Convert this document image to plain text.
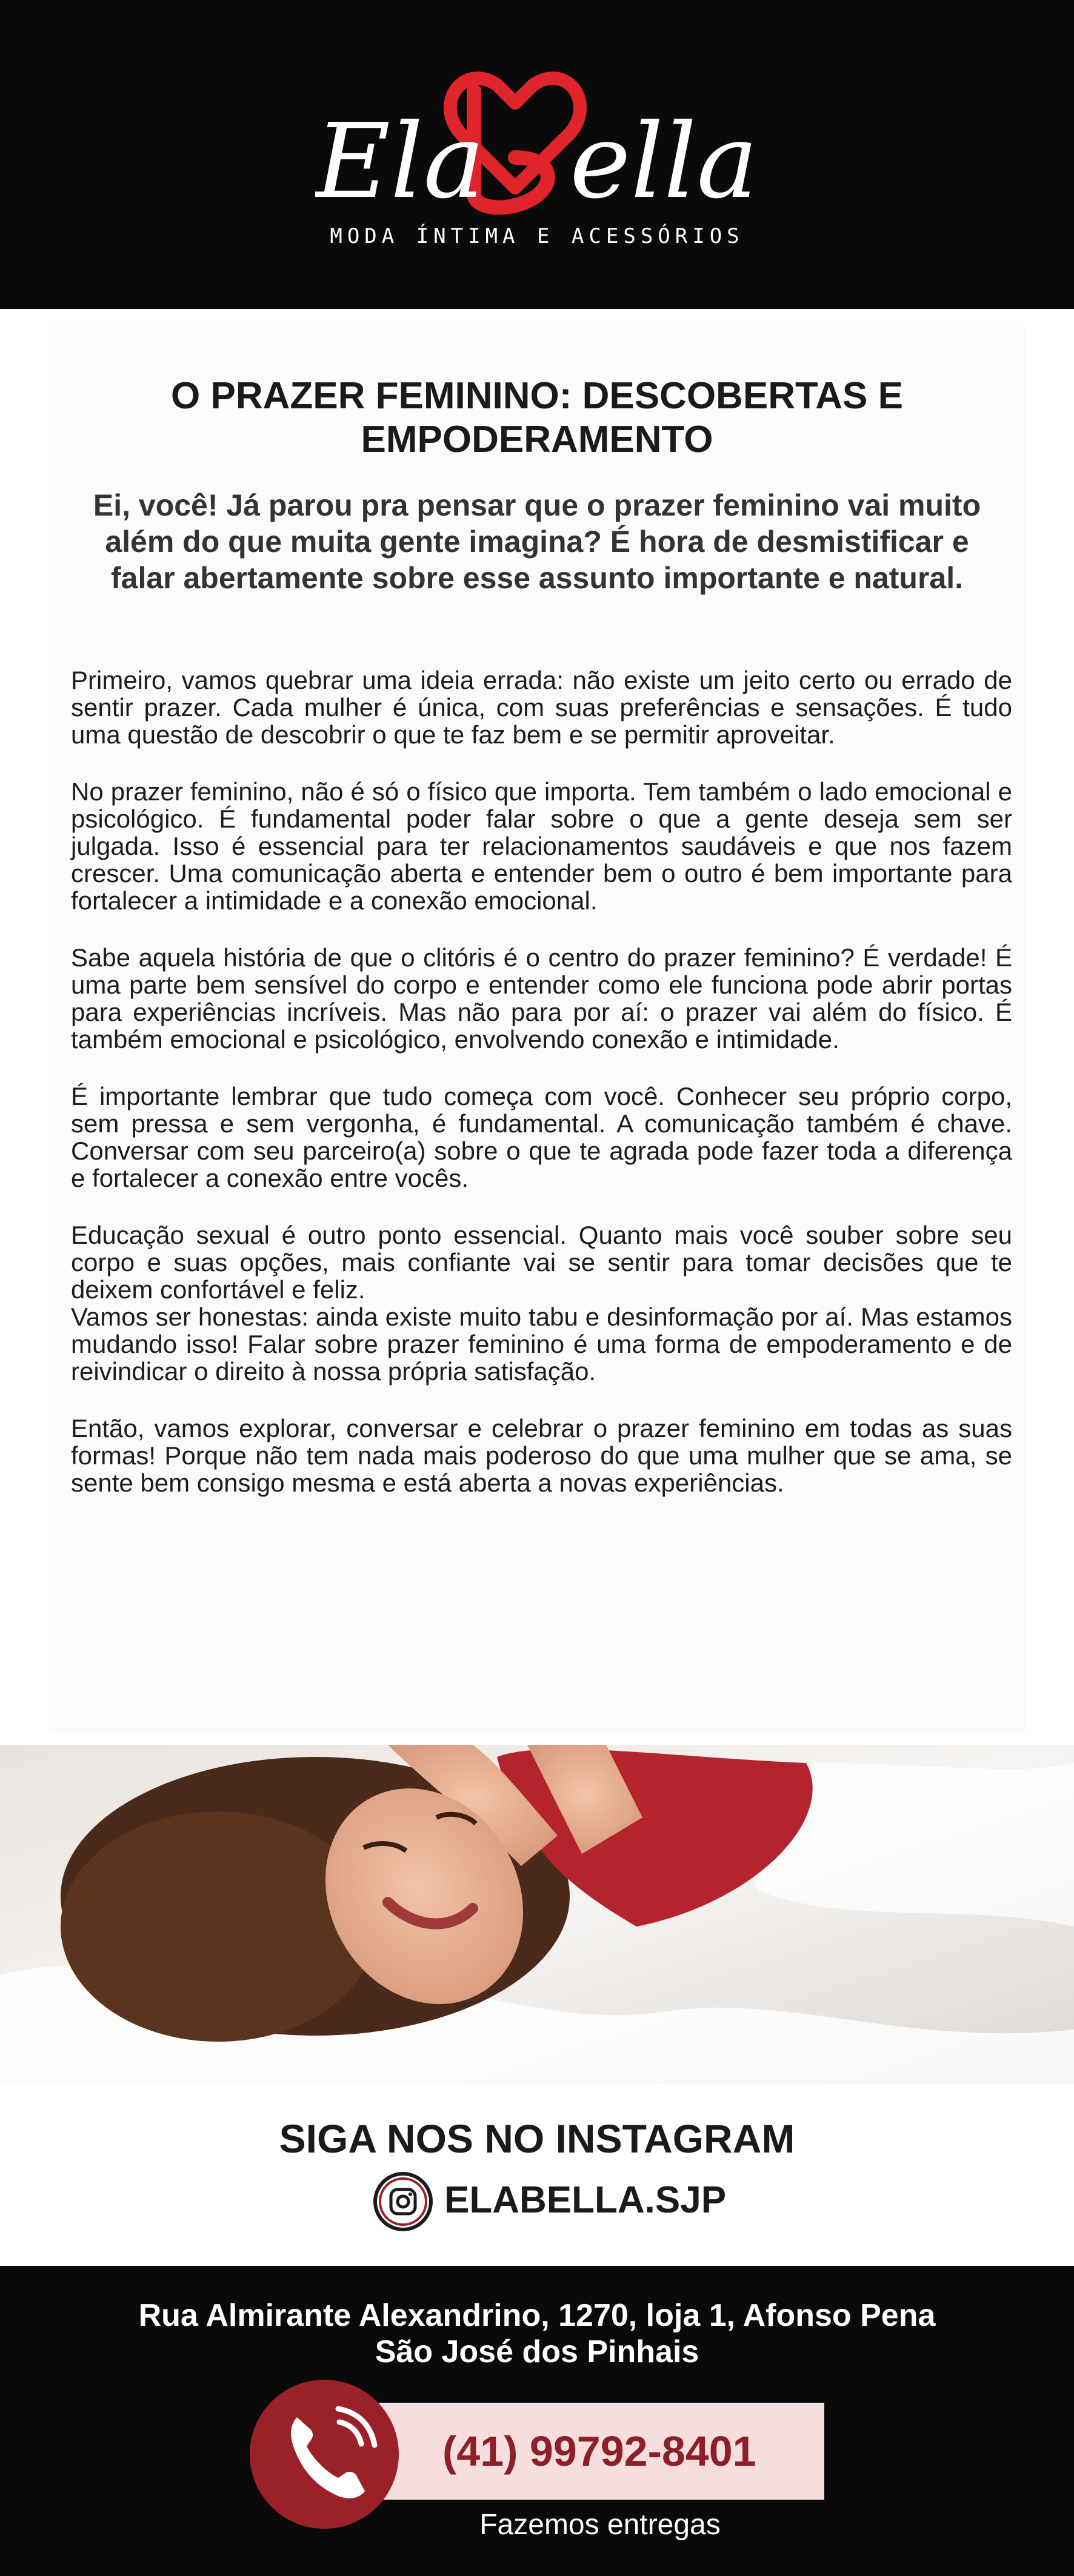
Ela ella
MODA ÍNTIMA E ACESSÓRIOS
O PRAZER FEMININO: DESCOBERTAS E
EMPODERAMENTO
Ei, você! Já parou pra pensar que o prazer feminino vai muito além do que muita gente imagina? É hora de desmistificar e falar abertamente sobre esse assunto importante e natural.

Primeiro, vamos quebrar uma ideia errada: não existe um jeito certo ou errado de sentir prazer. Cada mulher é única, com suas preferências e sensações. É tudo uma questão de descobrir o que te faz bem e se permitir aproveitar.

No prazer feminino, não é só o físico que importa. Tem também o lado emocional e psicológico. É fundamental poder falar sobre o que a gente deseja sem ser julgada. Isso é essencial para ter relacionamentos saudáveis e que nos fazem crescer. Uma comunicação aberta e entender bem o outro é bem importante para fortalecer a intimidade e a conexão emocional.

Sabe aquela história de que o clitóris é o centro do prazer feminino? É verdade! É uma parte bem sensível do corpo e entender como ele funciona pode abrir portas para experiências incríveis. Mas não para por aí: o prazer vai além do físico. É também emocional e psicológico, envolvendo conexão e intimidade.

É importante lembrar que tudo começa com você. Conhecer seu próprio corpo, sem pressa e sem vergonha, é fundamental. A comunicação também é chave. Conversar com seu parceiro(a) sobre o que te agrada pode fazer toda a diferença e fortalecer a conexão entre vocês.

Educação sexual é outro ponto essencial. Quanto mais você souber sobre seu corpo e suas opções, mais confiante vai se sentir para tomar decisões que te deixem confortável e feliz.

Vamos ser honestas: ainda existe muito tabu e desinformação por aí. Mas estamos mudando isso! Falar sobre prazer feminino é uma forma de empoderamento e de reivindicar o direito à nossa própria satisfação.

Então, vamos explorar, conversar e celebrar o prazer feminino em todas as suas formas! Porque não tem nada mais poderoso do que uma mulher que se ama, se sente bem consigo mesma e está aberta a novas experiências.

SIGA NOS NO INSTAGRAM
ELABELLA.SJP
Rua Almirante Alexandrino, 1270, loja 1, Afonso Pena
São José dos Pinhais
(41) 99792-8401
Fazemos entregas
